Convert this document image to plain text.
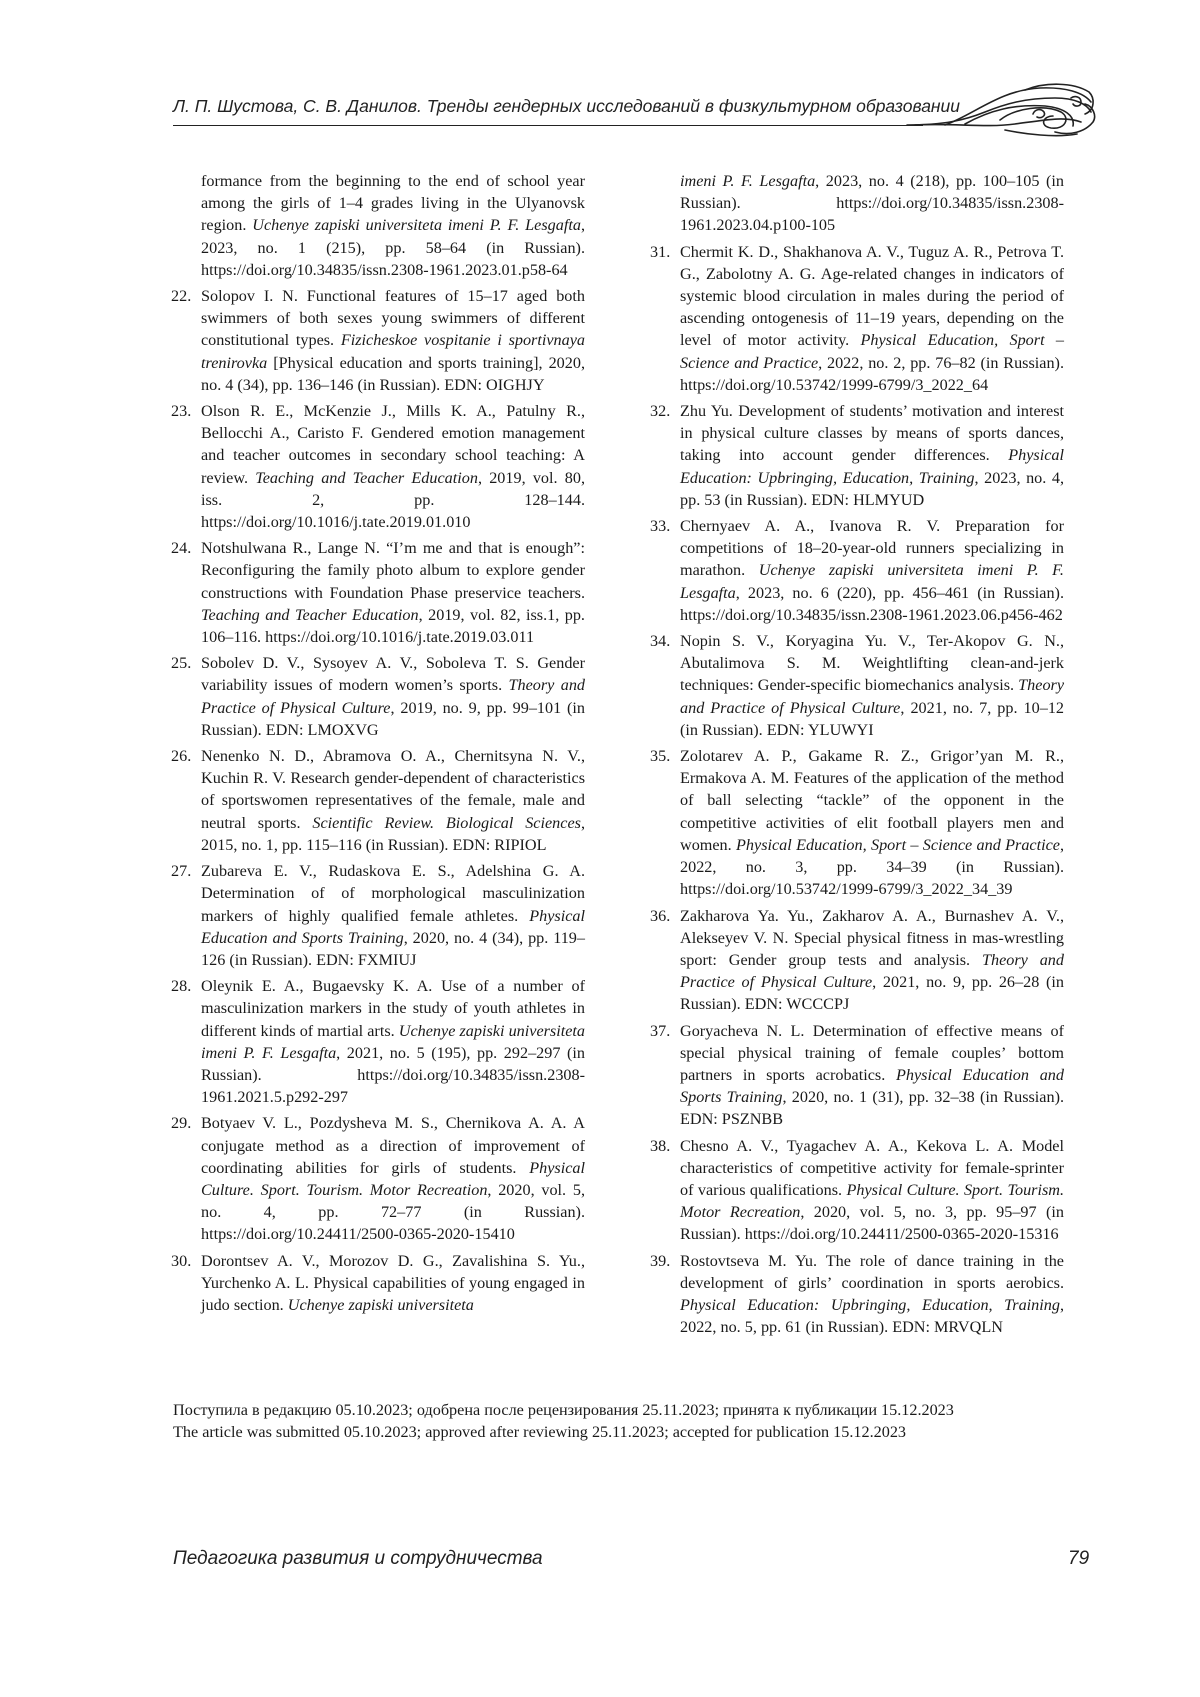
Л. П. Шустова, С. В. Данилов. Тренды гендерных исследований в физкультурном образовании
formance from the beginning to the end of school year among the girls of 1–4 grades living in the Ulyanovsk region. Uchenye zapiski universiteta imeni P. F. Lesgafta, 2023, no. 1 (215), pp. 58–64 (in Russian). https://doi.org/10.34835/issn.2308-1961.2023.01.p58-64
22. Solopov I. N. Functional features of 15–17 aged both swimmers of both sexes young swimmers of different constitutional types. Fizicheskoe vospitanie i sportivnaya trenirovka [Physical education and sports training], 2020, no. 4 (34), pp. 136–146 (in Russian). EDN: OIGHJY
23. Olson R. E., McKenzie J., Mills K. A., Patulny R., Bellocchi A., Caristo F. Gendered emotion management and teacher outcomes in secondary school teaching: A review. Teaching and Teacher Education, 2019, vol. 80, iss. 2, pp. 128–144. https://doi.org/10.1016/j.tate.2019.01.010
24. Notshulwana R., Lange N. “I’m me and that is enough”: Reconfiguring the family photo album to explore gender constructions with Foundation Phase preservice teachers. Teaching and Teacher Education, 2019, vol. 82, iss.1, pp. 106–116. https://doi.org/10.1016/j.tate.2019.03.011
25. Sobolev D. V., Sysoyev A. V., Soboleva T. S. Gender variability issues of modern women’s sports. Theory and Practice of Physical Culture, 2019, no. 9, pp. 99–101 (in Russian). EDN: LMOXVG
26. Nenenko N. D., Abramova O. A., Chernitsyna N. V., Kuchin R. V. Research gender-dependent of characteristics of sportswomen representatives of the female, male and neutral sports. Scientific Review. Biological Sciences, 2015, no. 1, pp. 115–116 (in Russian). EDN: RIPIOL
27. Zubareva E. V., Rudaskova E. S., Adelshina G. A. Determination of of morphological masculinization markers of highly qualified female athletes. Physical Education and Sports Training, 2020, no. 4 (34), pp. 119–126 (in Russian). EDN: FXMIUJ
28. Oleynik E. A., Bugaevsky K. A. Use of a number of masculinization markers in the study of youth athletes in different kinds of martial arts. Uchenye zapiski universiteta imeni P. F. Lesgafta, 2021, no. 5 (195), pp. 292–297 (in Russian). https://doi.org/10.34835/issn.2308-1961.2021.5.p292-297
29. Botyaev V. L., Pozdysheva M. S., Chernikova A. A. A conjugate method as a direction of improvement of coordinating abilities for girls of students. Physical Culture. Sport. Tourism. Motor Recreation, 2020, vol. 5, no. 4, pp. 72–77 (in Russian). https://doi.org/10.24411/2500-0365-2020-15410
30. Dorontsev A. V., Morozov D. G., Zavalishina S. Yu., Yurchenko A. L. Physical capabilities of young engaged in judo section. Uchenye zapiski universiteta
imeni P. F. Lesgafta, 2023, no. 4 (218), pp. 100–105 (in Russian). https://doi.org/10.34835/issn.2308-1961.2023.04.p100-105
31. Chermit K. D., Shakhanova A. V., Tuguz A. R., Petrova T. G., Zabolotny A. G. Age-related changes in indicators of systemic blood circulation in males during the period of ascending ontogenesis of 11–19 years, depending on the level of motor activity. Physical Education, Sport – Science and Practice, 2022, no. 2, pp. 76–82 (in Russian). https://doi.org/10.53742/1999-6799/3_2022_64
32. Zhu Yu. Development of students’ motivation and interest in physical culture classes by means of sports dances, taking into account gender differences. Physical Education: Upbringing, Education, Training, 2023, no. 4, pp. 53 (in Russian). EDN: HLMYUD
33. Chernyaev A. A., Ivanova R. V. Preparation for competitions of 18–20-year-old runners specializing in marathon. Uchenye zapiski universiteta imeni P. F. Lesgafta, 2023, no. 6 (220), pp. 456–461 (in Russian). https://doi.org/10.34835/issn.2308-1961.2023.06.p456-462
34. Nopin S. V., Koryagina Yu. V., Ter-Akopov G. N., Abutalimova S. M. Weightlifting clean-and-jerk techniques: Gender-specific biomechanics analysis. Theory and Practice of Physical Culture, 2021, no. 7, pp. 10–12 (in Russian). EDN: YLUWYI
35. Zolotarev A. P., Gakame R. Z., Grigor’yan M. R., Ermakova A. M. Features of the application of the method of ball selecting “tackle” of the opponent in the competitive activities of elit football players men and women. Physical Education, Sport – Science and Practice, 2022, no. 3, pp. 34–39 (in Russian). https://doi.org/10.53742/1999-6799/3_2022_34_39
36. Zakharova Ya. Yu., Zakharov A. A., Burnashev A. V., Alekseyev V. N. Special physical fitness in mas-wrestling sport: Gender group tests and analysis. Theory and Practice of Physical Culture, 2021, no. 9, pp. 26–28 (in Russian). EDN: WCCCPJ
37. Goryacheva N. L. Determination of effective means of special physical training of female couples’ bottom partners in sports acrobatics. Physical Education and Sports Training, 2020, no. 1 (31), pp. 32–38 (in Russian). EDN: PSZNBB
38. Chesno A. V., Tyagachev A. A., Kekova L. A. Model characteristics of competitive activity for female-sprinter of various qualifications. Physical Culture. Sport. Tourism. Motor Recreation, 2020, vol. 5, no. 3, pp. 95–97 (in Russian). https://doi.org/10.24411/2500-0365-2020-15316
39. Rostovtseva M. Yu. The role of dance training in the development of girls’ coordination in sports aerobics. Physical Education: Upbringing, Education, Training, 2022, no. 5, pp. 61 (in Russian). EDN: MRVQLN
Поступила в редакцию 05.10.2023; одобрена после рецензирования 25.11.2023; принята к публикации 15.12.2023
The article was submitted 05.10.2023; approved after reviewing 25.11.2023; accepted for publication 15.12.2023
Педагогика развития и сотрудничества	79
